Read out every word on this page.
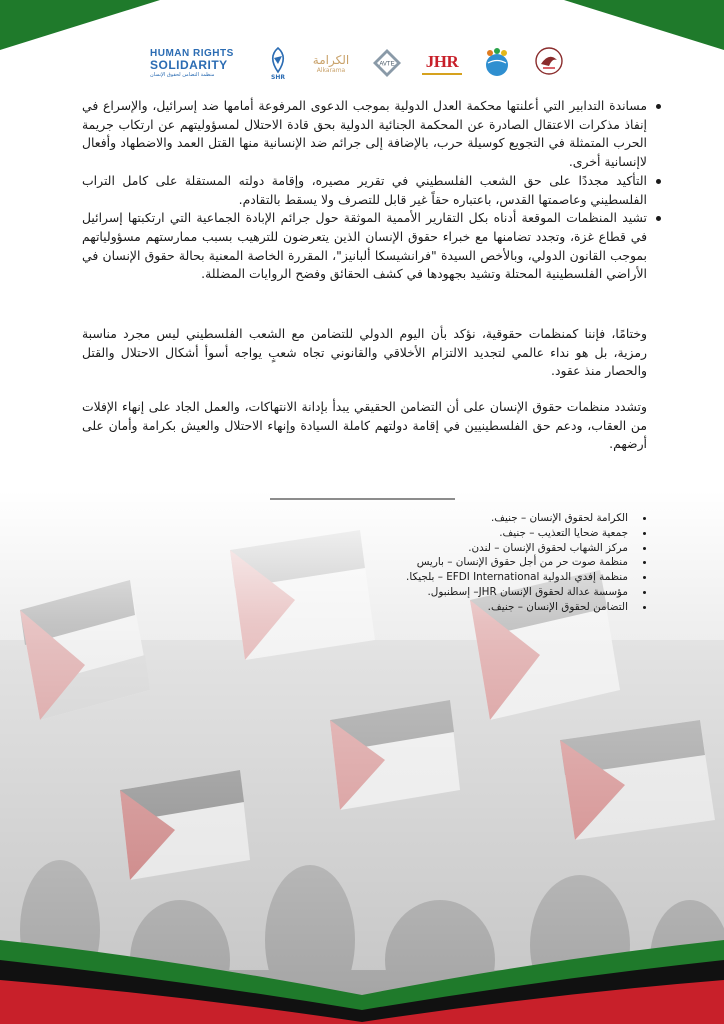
HUMAN RIGHTS
SOLIDARITY
منظمة التضامن لحقوق الإنسان	SHR
الكرامة
Alkarama
AVTE JHR
مساندة التدابير التي أعلنتها محكمة العدل الدولية بموجب الدعوى المرفوعة أمامها ضد إسرائيل، والإسراع في إنفاذ مذكرات الاعتقال الصادرة عن المحكمة الجنائية الدولية بحق قادة الاحتلال لمسؤوليتهم عن ارتكاب جريمة الحرب المتمثلة في التجويع كوسيلة حرب، بالإضافة إلى جرائم ضد الإنسانية منها القتل العمد والاضطهاد وأفعال لاإنسانية أخرى.
التأكيد مجددًا على حق الشعب الفلسطيني في تقرير مصيره، وإقامة دولته المستقلة على كامل التراب الفلسطيني وعاصمتها القدس، باعتباره حقاً غير قابل للتصرف ولا يسقط بالتقادم.
تشيد المنظمات الموقعة أدناه بكل التقارير الأممية الموثقة حول جرائم الإبادة الجماعية التي ارتكبتها إسرائيل في قطاع غزة، وتجدد تضامنها مع خبراء حقوق الإنسان الذين يتعرضون للترهيب بسبب ممارستهم مسؤولياتهم بموجب القانون الدولي، وبالأخص السيدة "فرانشيسكا ألبانيز"، المقررة الخاصة المعنية بحالة حقوق الإنسان في الأراضي الفلسطينية المحتلة وتشيد بجهودها في كشف الحقائق وفضح الروايات المضللة.

وختامًا، فإننا كمنظمات حقوقية، نؤكد بأن اليوم الدولي للتضامن مع الشعب الفلسطيني ليس مجرد مناسبة رمزية، بل هو نداء عالمي لتجديد الالتزام الأخلاقي والقانوني تجاه شعبٍ يواجه أسوأ أشكال الاحتلال والقتل والحصار منذ عقود.

وتشدد منظمات حقوق الإنسان على أن التضامن الحقيقي يبدأ بإدانة الانتهاكات، والعمل الجاد على إنهاء الإفلات من العقاب، ودعم حق الفلسطينيين في إقامة دولتهم كاملة السيادة وإنهاء الاحتلال والعيش بكرامة وأمان على أرضهم.

الكرامة لحقوق الإنسان – جنيف.
جمعية ضحايا التعذيب – جنيف.
مركز الشهاب لحقوق الإنسان – لندن.
منظمة صوت حر من أجل حقوق الإنسان – باريس
منظمة إفدي الدولية EFDI International – بلجيكا.
مؤسسة عدالة لحقوق الإنسان JHR– إسطنبول.
التضامن لحقوق الإنسان – جنيف.
